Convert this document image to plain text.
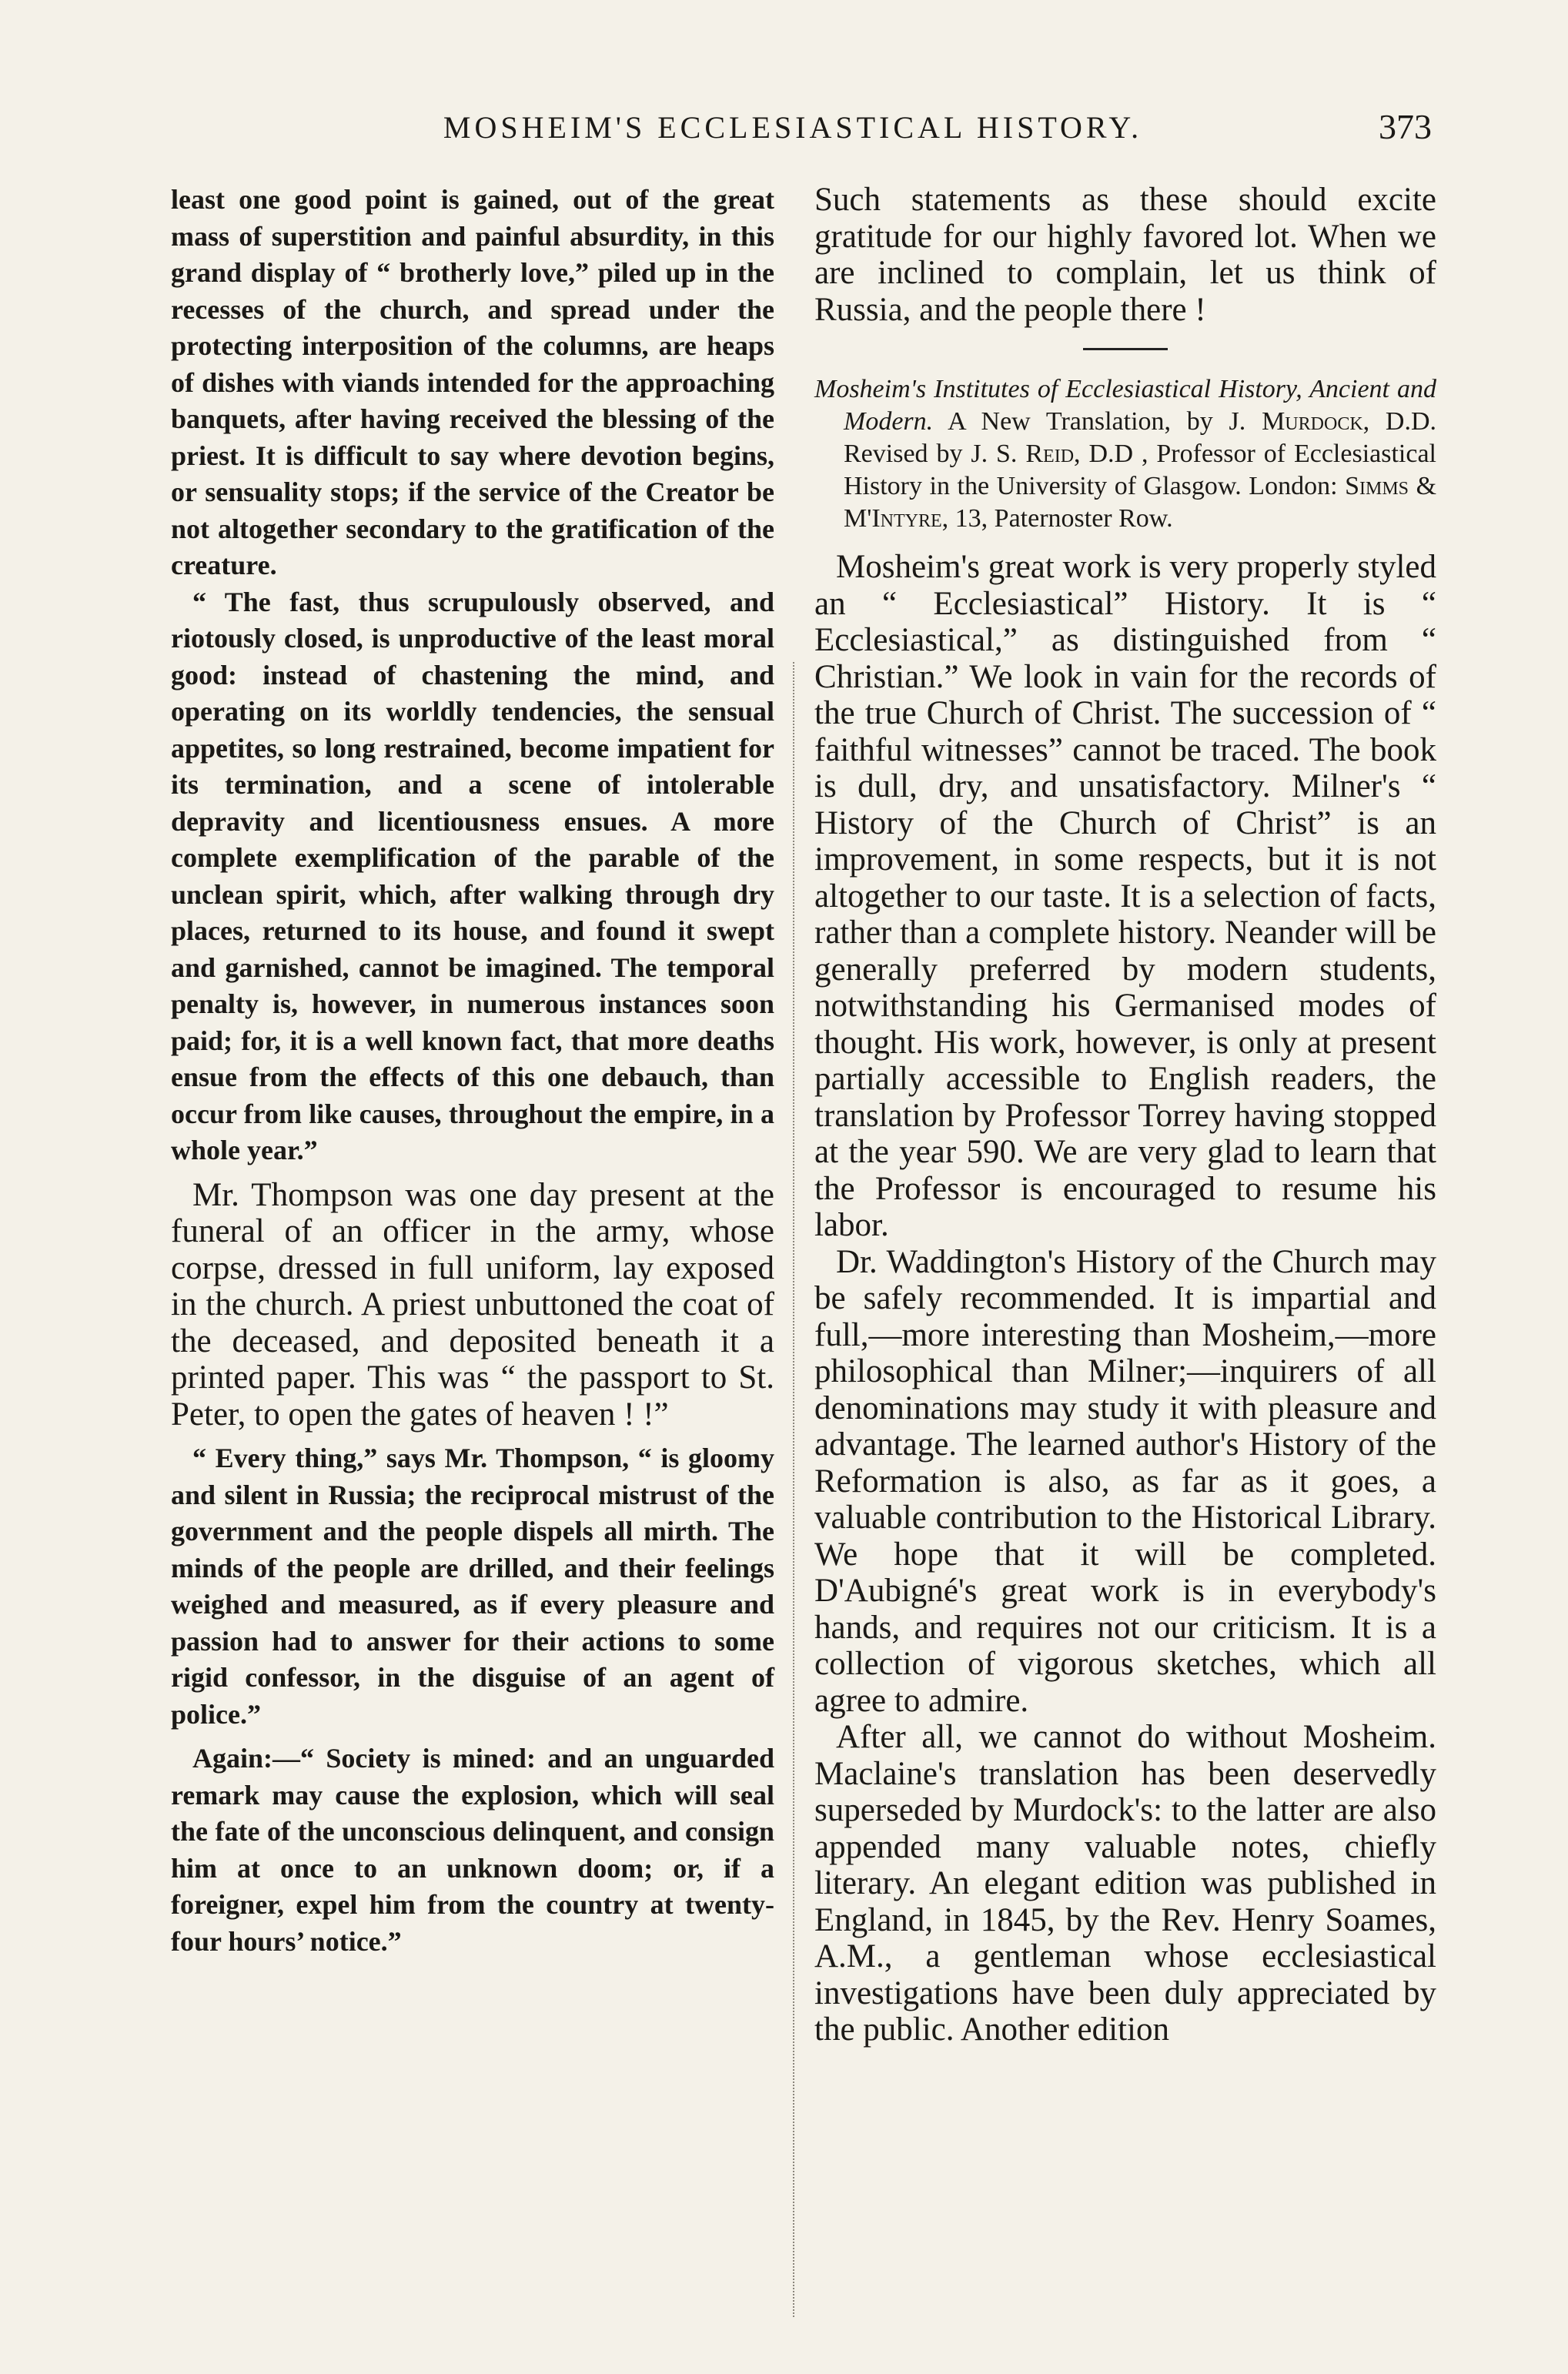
MOSHEIM'S ECCLESIASTICAL HISTORY.	373

least one good point is gained, out of the great mass of superstition and painful absurdity, in this grand display of “ brotherly love,” piled up in the recesses of the church, and spread under the protecting interposition of the columns, are heaps of dishes with viands intended for the approaching banquets, after having received the blessing of the priest. It is difficult to say where devotion begins, or sensuality stops; if the service of the Creator be not altogether secondary to the gratification of the creature.

“ The fast, thus scrupulously observed, and riotously closed, is unproductive of the least moral good: instead of chastening the mind, and operating on its worldly tendencies, the sensual appetites, so long restrained, become impatient for its termination, and a scene of intolerable depravity and licentiousness ensues. A more complete exemplification of the parable of the unclean spirit, which, after walking through dry places, returned to its house, and found it swept and garnished, cannot be imagined. The temporal penalty is, however, in numerous instances soon paid; for, it is a well known fact, that more deaths ensue from the effects of this one debauch, than occur from like causes, throughout the empire, in a whole year.”

Mr. Thompson was one day present at the funeral of an officer in the army, whose corpse, dressed in full uniform, lay exposed in the church. A priest unbuttoned the coat of the deceased, and deposited beneath it a printed paper. This was “ the passport to St. Peter, to open the gates of heaven ! !”

“ Every thing,” says Mr. Thompson, “ is gloomy and silent in Russia; the reciprocal mistrust of the government and the people dispels all mirth. The minds of the people are drilled, and their feelings weighed and measured, as if every pleasure and passion had to answer for their actions to some rigid confessor, in the disguise of an agent of police.”

Again:—“ Society is mined: and an unguarded remark may cause the explosion, which will seal the fate of the unconscious delinquent, and consign him at once to an unknown doom; or, if a foreigner, expel him from the country at twenty-four hours’ notice.”

Such statements as these should excite gratitude for our highly favored lot. When we are inclined to complain, let us think of Russia, and the people there !

Mosheim's Institutes of Ecclesiastical History, Ancient and Modern. A New Translation, by J. Murdock, D.D. Revised by J. S. Reid, D.D , Professor of Ecclesiastical History in the University of Glasgow. London: Simms & M'Intyre, 13, Paternoster Row.

Mosheim's great work is very properly styled an “ Ecclesiastical” History. It is “ Ecclesiastical,” as distinguished from “ Christian.” We look in vain for the records of the true Church of Christ. The succession of “ faithful witnesses” cannot be traced. The book is dull, dry, and unsatisfactory. Milner's “ History of the Church of Christ” is an improvement, in some respects, but it is not altogether to our taste. It is a selection of facts, rather than a complete history. Neander will be generally preferred by modern students, notwithstanding his Germanised modes of thought. His work, however, is only at present partially accessible to English readers, the translation by Professor Torrey having stopped at the year 590. We are very glad to learn that the Professor is encouraged to resume his labor.

Dr. Waddington's History of the Church may be safely recommended. It is impartial and full,—more interesting than Mosheim,—more philosophical than Milner;—inquirers of all denominations may study it with pleasure and advantage. The learned author's History of the Reformation is also, as far as it goes, a valuable contribution to the Historical Library. We hope that it will be completed. D'Aubigné's great work is in everybody's hands, and requires not our criticism. It is a collection of vigorous sketches, which all agree to admire.

After all, we cannot do without Mosheim. Maclaine's translation has been deservedly superseded by Murdock's: to the latter are also appended many valuable notes, chiefly literary. An elegant edition was published in England, in 1845, by the Rev. Henry Soames, A.M., a gentleman whose ecclesiastical investigations have been duly appreciated by the public. Another edition
